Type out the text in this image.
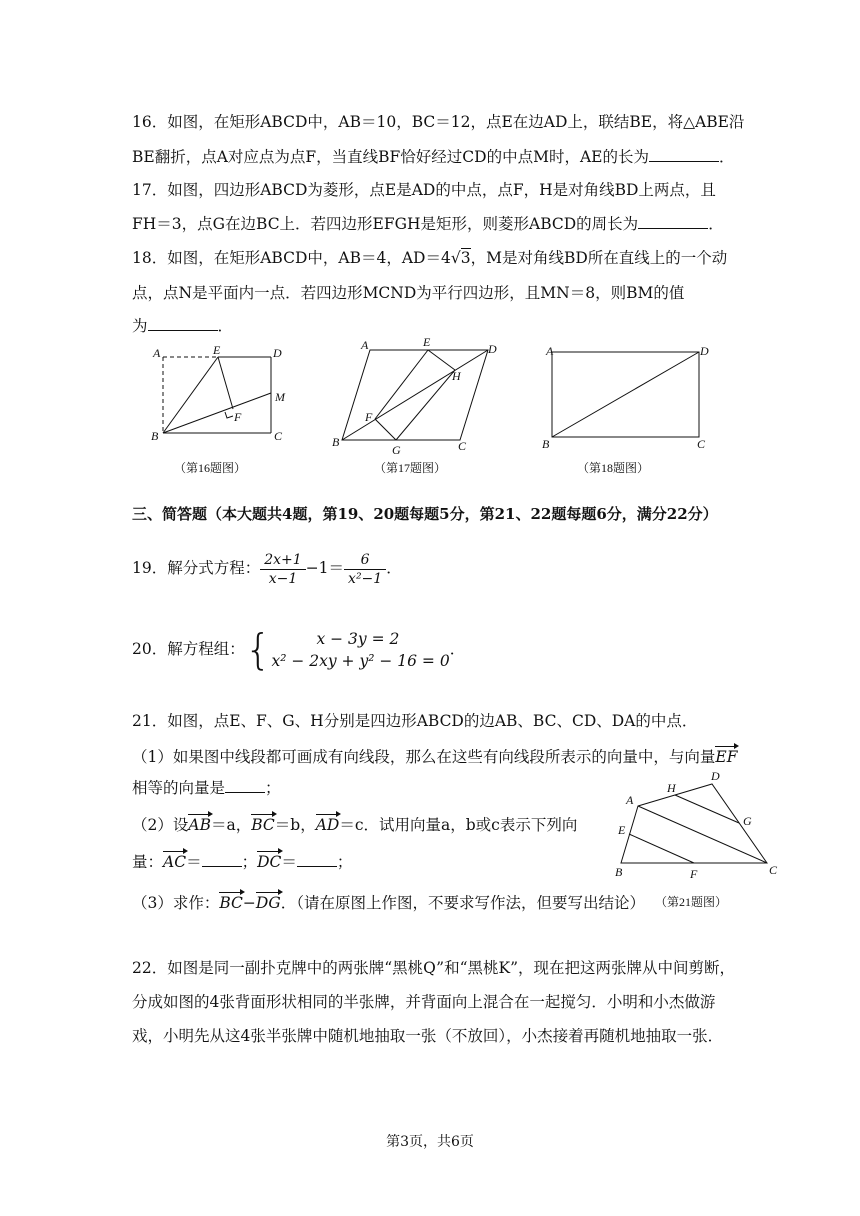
16．如图，在矩形ABCD中，AB＝10，BC＝12，点E在边AD上，联结BE，将△ABE沿
BE翻折，点A对应点为点F，当直线BF恰好经过CD的中点M时，AE的长为	．
17．如图，四边形ABCD为菱形，点E是AD的中点，点F，H是对角线BD上两点，且
FH＝3，点G在边BC上．若四边形EFGH是矩形，则菱形ABCD的周长为	．
18．如图，在矩形ABCD中，AB＝4，AD＝4√3，M是对角线BD所在直线上的一个动
点，点N是平面内一点．若四边形MCND为平行四边形，且MN＝8，则BM的值
为	．
A	E	D
M
F
B	C
（第16题图）
A	E	D
H
F
B
G	C
（第17题图）
A	D
B	C
（第18题图）
三、简答题（本大题共4题，第19、20题每题5分，第21、22题每题6分，满分22分）
19．解分式方程： $\frac{2x+1}{x-1} -1= \frac{6}{\text{x²−1}}$ ．
20．解方程组：{	x − 3y = 2
x² − 2xy + y² − 16 = 0
．
21．如图，点E、F、G、H分别是四边形ABCD的边AB、BC、CD、DA的中点．
（1）如果图中线段都可画成有向线段，那么在这些有向线段所表示的向量中，与向量EF
相等的向量是	；
（2）设AB＝a，BC＝b，AD＝c．试用向量a，b或c表示下列向
量：AC＝	；DC＝	；
（3）求作：BC−DG．（请在原图上作图，不要求写作法，但要写出结论） （第21题图）
D
H
A
G
E
B	F	C
22．如图是同一副扑克牌中的两张牌“黑桃Q”和“黑桃K”，现在把这两张牌从中间剪断，
分成如图的4张背面形状相同的半张牌，并背面向上混合在一起搅匀．小明和小杰做游
戏，小明先从这4张半张牌中随机地抽取一张（不放回），小杰接着再随机地抽取一张．
第3页，共6页
